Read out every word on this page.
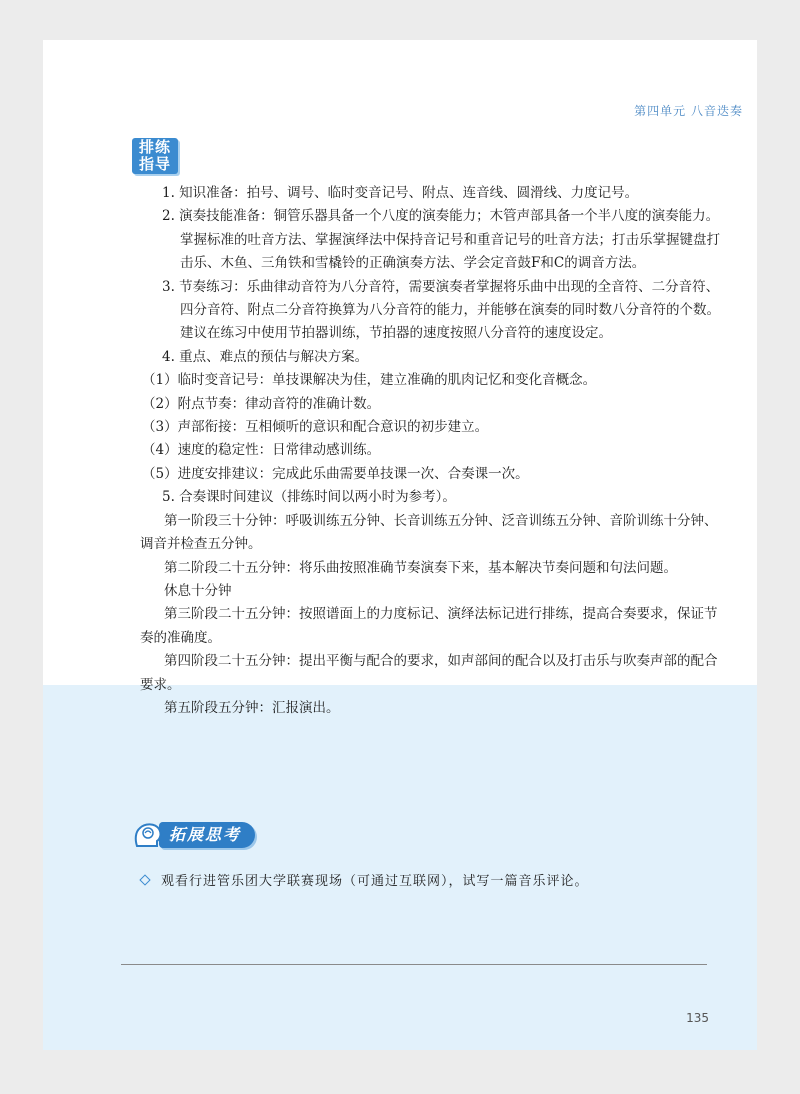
第四单元 八音迭奏
排练
指导

1. 知识准备：拍号、调号、临时变音记号、附点、连音线、圆滑线、力度记号。

2. 演奏技能准备：铜管乐器具备一个八度的演奏能力；木管声部具备一个半八度的演奏能力。掌握标准的吐音方法、掌握演绎法中保持音记号和重音记号的吐音方法；打击乐掌握键盘打击乐、木鱼、三角铁和雪橇铃的正确演奏方法、学会定音鼓F和C的调音方法。

3. 节奏练习：乐曲律动音符为八分音符，需要演奏者掌握将乐曲中出现的全音符、二分音符、四分音符、附点二分音符换算为八分音符的能力，并能够在演奏的同时数八分音符的个数。建议在练习中使用节拍器训练，节拍器的速度按照八分音符的速度设定。

4. 重点、难点的预估与解决方案。

（1）临时变音记号：单技课解决为佳，建立准确的肌肉记忆和变化音概念。

（2）附点节奏：律动音符的准确计数。

（3）声部衔接：互相倾听的意识和配合意识的初步建立。

（4）速度的稳定性：日常律动感训练。

（5）进度安排建议：完成此乐曲需要单技课一次、合奏课一次。

5. 合奏课时间建议（排练时间以两小时为参考）。

第一阶段三十分钟：呼吸训练五分钟、长音训练五分钟、泛音训练五分钟、音阶训练十分钟、调音并检查五分钟。

第二阶段二十五分钟：将乐曲按照准确节奏演奏下来，基本解决节奏问题和句法问题。

休息十分钟

第三阶段二十五分钟：按照谱面上的力度标记、演绎法标记进行排练，提高合奏要求，保证节奏的准确度。

第四阶段二十五分钟：提出平衡与配合的要求，如声部间的配合以及打击乐与吹奏声部的配合要求。

第五阶段五分钟：汇报演出。

拓展思考
观看行进管乐团大学联赛现场（可通过互联网），试写一篇音乐评论。
135
